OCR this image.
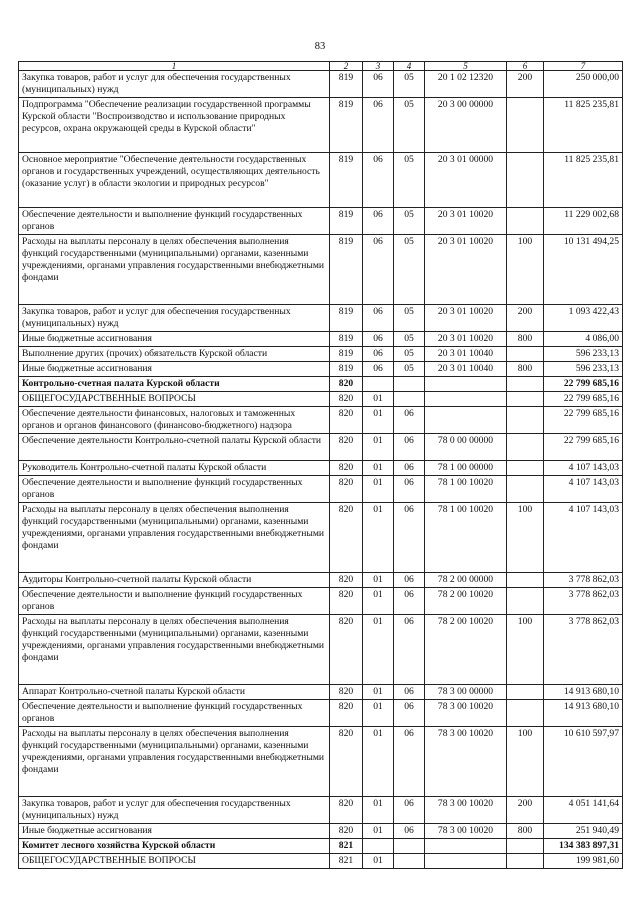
83
1	2	3	4	5	6	7
Закупка товаров, работ и услуг для обеспечения государственных (муниципальных) нужд	819	06	05	20 1 02 12320	200	250 000,00
Подпрограмма "Обеспечение реализации государственной программы Курской области "Воспроизводство и использование природных ресурсов, охрана окружающей среды в Курской области"	819	06	05	20 3 00 00000		11 825 235,81
Основное мероприятие "Обеспечение деятельности государственных органов и государственных учреждений, осуществляющих деятельность (оказание услуг) в области экологии и природных ресурсов"	819	06	05	20 3 01 00000		11 825 235,81
Обеспечение деятельности и выполнение функций государственных органов	819	06	05	20 3 01 10020		11 229 002,68
Расходы на выплаты персоналу в целях обеспечения выполнения функций государственными (муниципальными) органами, казенными учреждениями, органами управления государственными внебюджетными фондами	819	06	05	20 3 01 10020	100	10 131 494,25
Закупка товаров, работ и услуг для обеспечения государственных (муниципальных) нужд	819	06	05	20 3 01 10020	200	1 093 422,43
Иные бюджетные ассигнования	819	06	05	20 3 01 10020	800	4 086,00
Выполнение других (прочих) обязательств Курской области	819	06	05	20 3 01 10040		596 233,13
Иные бюджетные ассигнования	819	06	05	20 3 01 10040	800	596 233,13
Контрольно-счетная палата Курской области	820					22 799 685,16
ОБЩЕГОСУДАРСТВЕННЫЕ ВОПРОСЫ	820	01				22 799 685,16
Обеспечение деятельности финансовых, налоговых и таможенных органов и органов финансового (финансово-бюджетного) надзора	820	01	06			22 799 685,16
Обеспечение деятельности Контрольно-счетной палаты Курской области	820	01	06	78 0 00 00000		22 799 685,16
Руководитель Контрольно-счетной палаты Курской области	820	01	06	78 1 00 00000		4 107 143,03
Обеспечение деятельности и выполнение функций государственных органов	820	01	06	78 1 00 10020		4 107 143,03
Расходы на выплаты персоналу в целях обеспечения выполнения функций государственными (муниципальными) органами, казенными учреждениями, органами управления государственными внебюджетными фондами	820	01	06	78 1 00 10020	100	4 107 143,03
Аудиторы Контрольно-счетной палаты Курской области	820	01	06	78 2 00 00000		3 778 862,03
Обеспечение деятельности и выполнение функций государственных органов	820	01	06	78 2 00 10020		3 778 862,03
Расходы на выплаты персоналу в целях обеспечения выполнения функций государственными (муниципальными) органами, казенными учреждениями, органами управления государственными внебюджетными фондами	820	01	06	78 2 00 10020	100	3 778 862,03
Аппарат Контрольно-счетной палаты Курской области	820	01	06	78 3 00 00000		14 913 680,10
Обеспечение деятельности и выполнение функций государственных органов	820	01	06	78 3 00 10020		14 913 680,10
Расходы на выплаты персоналу в целях обеспечения выполнения функций государственными (муниципальными) органами, казенными учреждениями, органами управления государственными внебюджетными фондами	820	01	06	78 3 00 10020	100	10 610 597,97
Закупка товаров, работ и услуг для обеспечения государственных (муниципальных) нужд	820	01	06	78 3 00 10020	200	4 051 141,64
Иные бюджетные ассигнования	820	01	06	78 3 00 10020	800	251 940,49
Комитет лесного хозяйства Курской области	821					134 383 897,31
ОБЩЕГОСУДАРСТВЕННЫЕ ВОПРОСЫ	821	01				199 981,60
